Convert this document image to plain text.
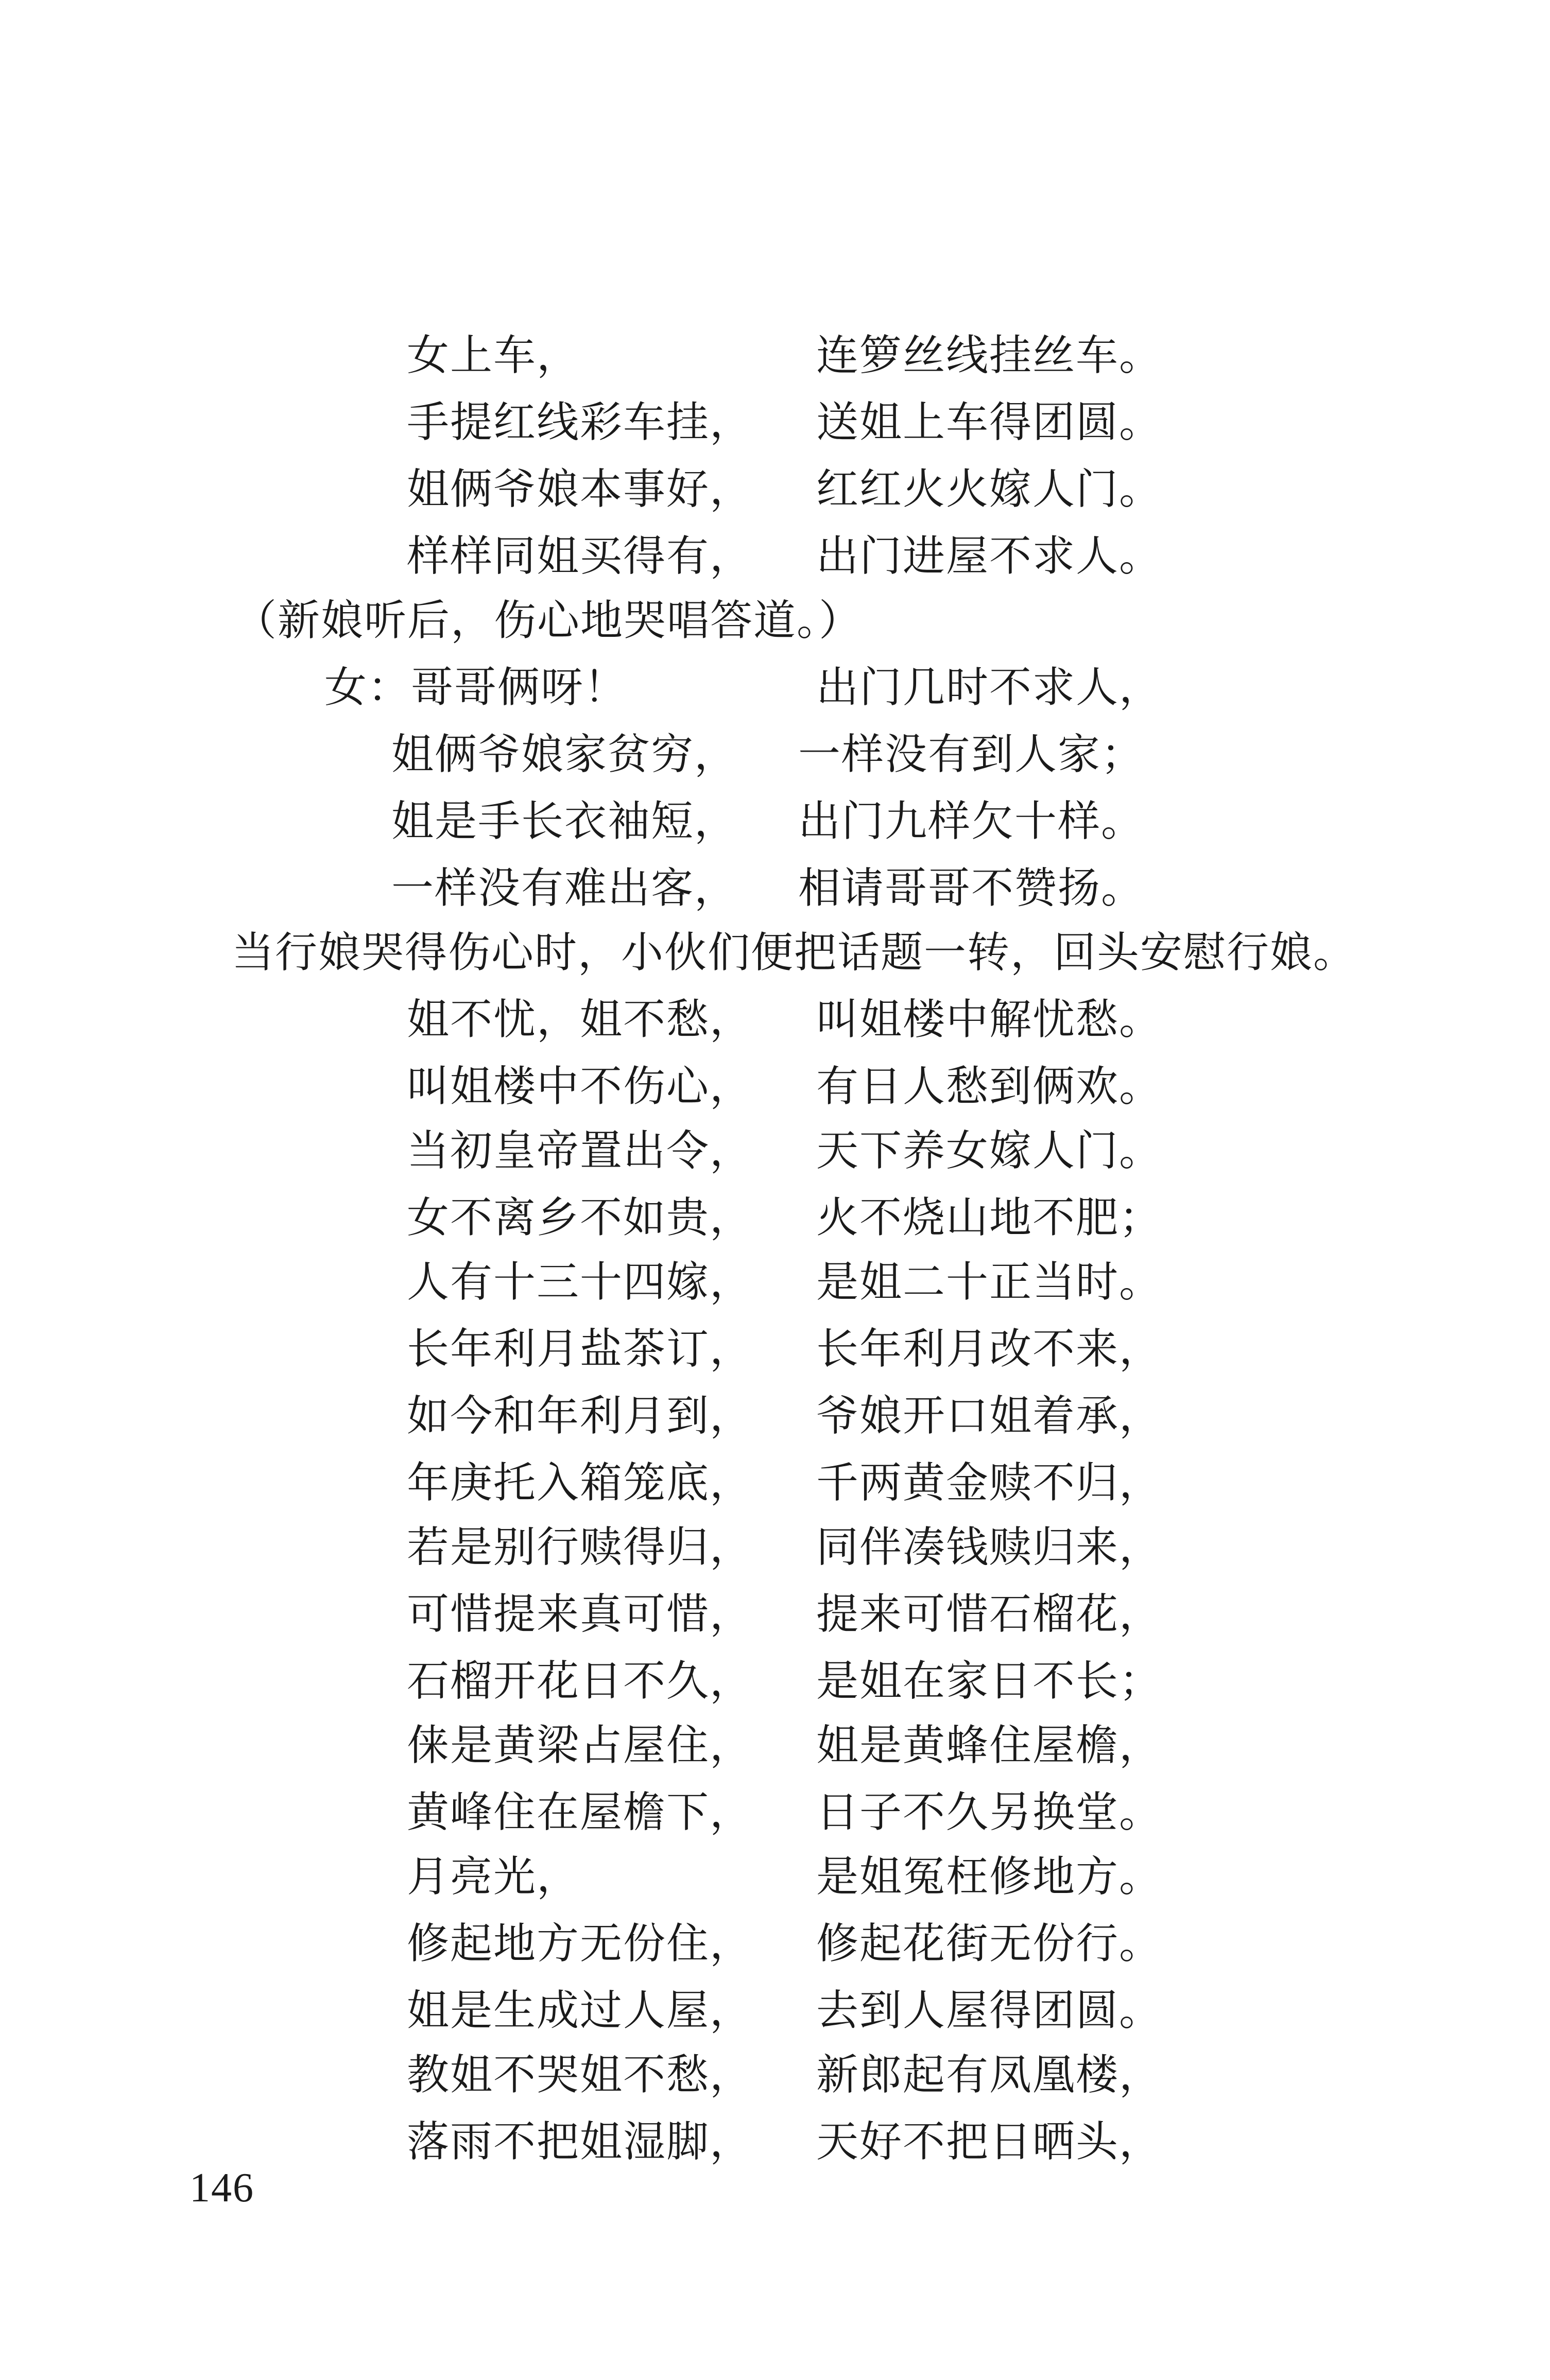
女上车，	连箩丝线挂丝车。
手提红线彩车挂， 送姐上车得团圆。
姐俩爷娘本事好， 红红火火嫁人门。
样样同姐买得有， 出门进屋不求人。
（新娘听后，伤心地哭唱答道。）
女：哥哥俩呀！	出门几时不求人，
姐俩爷娘家贫穷， 一样没有到人家；
姐是手长衣袖短， 出门九样欠十样。
一样没有难出客， 相请哥哥不赞扬。
当行娘哭得伤心时，小伙们便把话题一转，回头安慰行娘。
姐不忧，姐不愁， 叫姐楼中解忧愁。
叫姐楼中不伤心， 有日人愁到俩欢。
当初皇帝置出令， 天下养女嫁人门。
女不离乡不如贵， 火不烧山地不肥；
人有十三十四嫁， 是姐二十正当时。
长年利月盐茶订， 长年利月改不来，
如今和年利月到， 爷娘开口姐着承，
年庚托入箱笼底， 千两黄金赎不归，
若是别行赎得归， 同伴凑钱赎归来，
可惜提来真可惜， 提来可惜石榴花，
石榴开花日不久， 是姐在家日不长；
俫是黄梁占屋住， 姐是黄蜂住屋檐，
黄峰住在屋檐下， 日子不久另换堂。
月亮光，	是姐冤枉修地方。
修起地方无份住， 修起花街无份行。
姐是生成过人屋， 去到人屋得团圆。
教姐不哭姐不愁， 新郎起有凤凰楼，
落雨不把姐湿脚， 天好不把日晒头，
146
